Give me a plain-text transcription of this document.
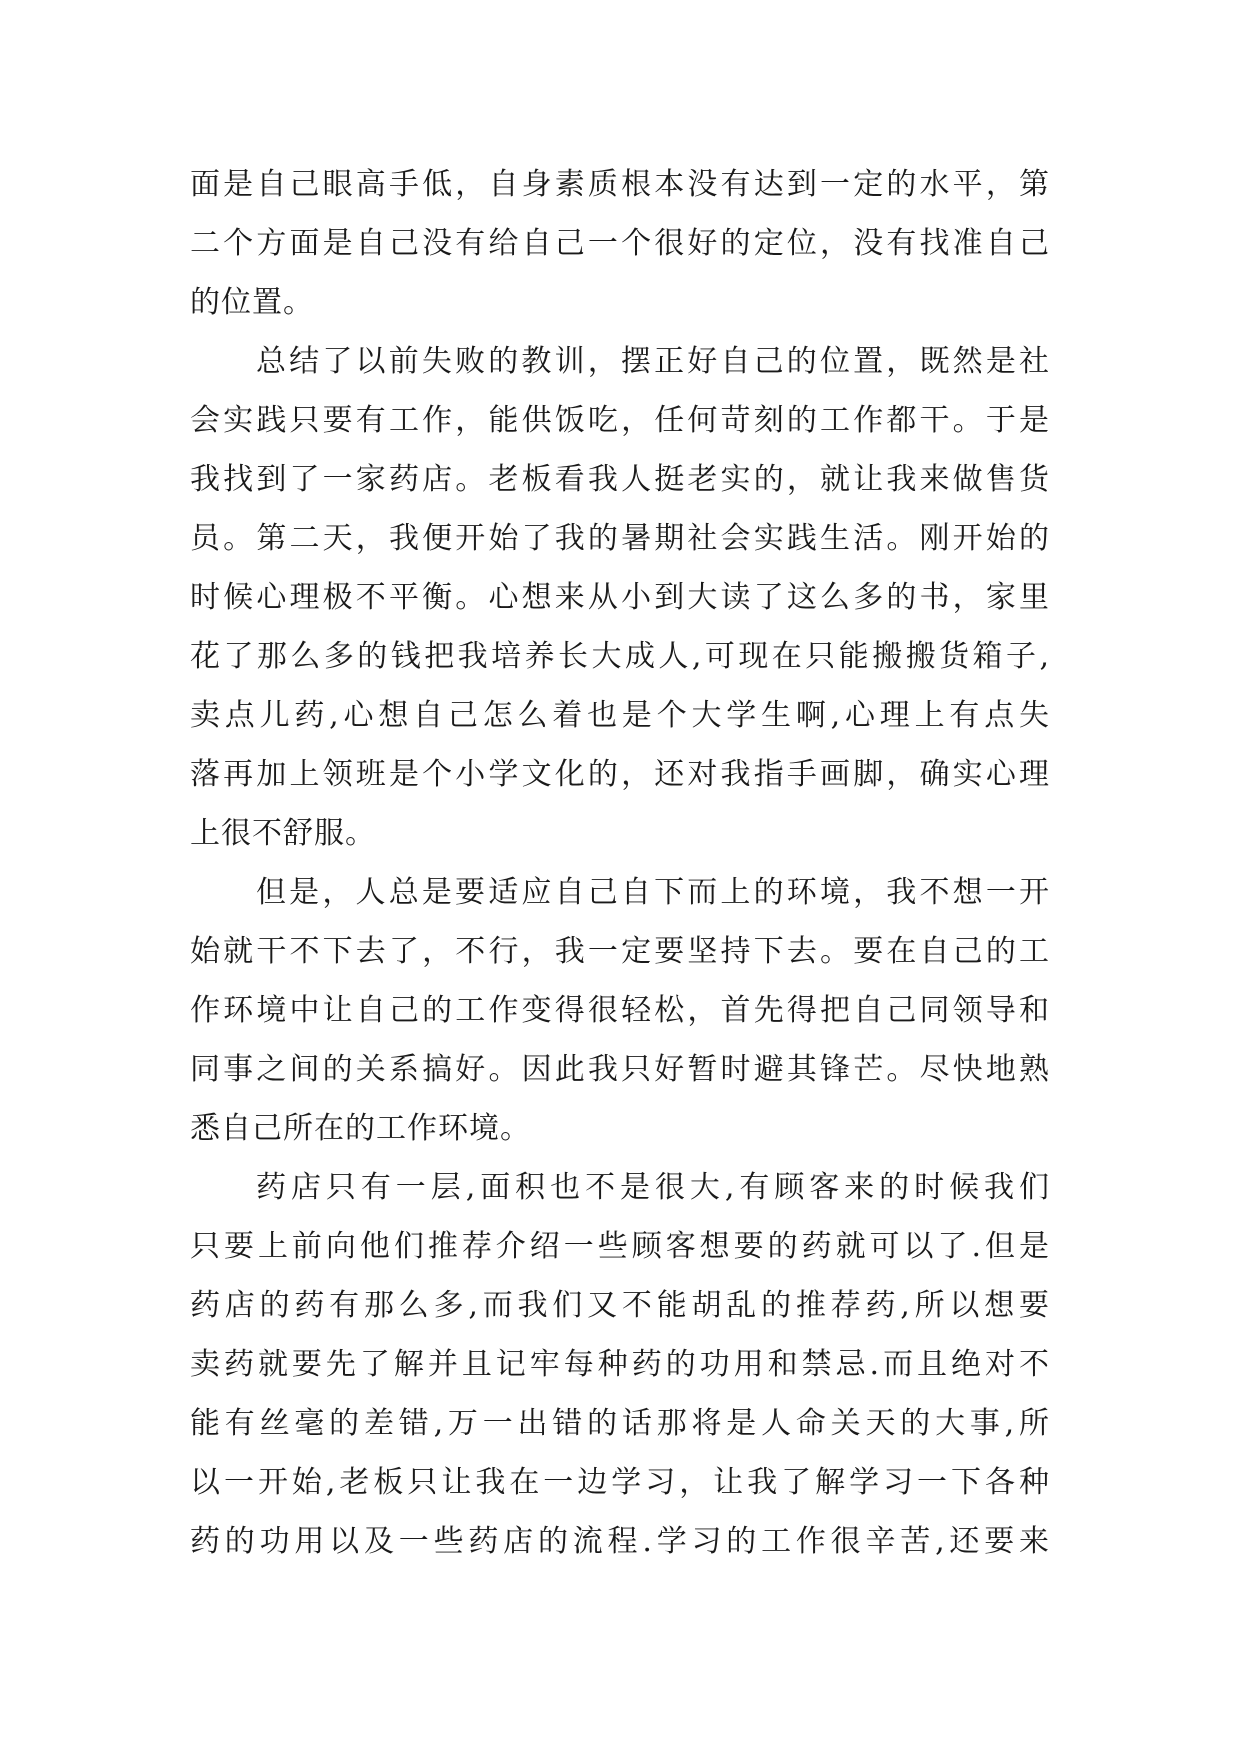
面是自己眼高手低，自身素质根本没有达到一定的水平，第
二个方面是自己没有给自己一个很好的定位，没有找准自己
的位置。
总结了以前失败的教训，摆正好自己的位置，既然是社
会实践只要有工作，能供饭吃，任何苛刻的工作都干。于是
我找到了一家药店。老板看我人挺老实的，就让我来做售货
员。第二天，我便开始了我的暑期社会实践生活。刚开始的
时候心理极不平衡。心想来从小到大读了这么多的书，家里
花了那么多的钱把我培养长大成人,可现在只能搬搬货箱子,
卖点儿药,心想自己怎么着也是个大学生啊,心理上有点失
落再加上领班是个小学文化的，还对我指手画脚，确实心理
上很不舒服。
但是，人总是要适应自己自下而上的环境，我不想一开
始就干不下去了，不行，我一定要坚持下去。要在自己的工
作环境中让自己的工作变得很轻松，首先得把自己同领导和
同事之间的关系搞好。因此我只好暂时避其锋芒。尽快地熟
悉自己所在的工作环境。
药店只有一层,面积也不是很大,有顾客来的时候我们
只要上前向他们推荐介绍一些顾客想要的药就可以了.但是
药店的药有那么多,而我们又不能胡乱的推荐药,所以想要
卖药就要先了解并且记牢每种药的功用和禁忌.而且绝对不
能有丝毫的差错,万一出错的话那将是人命关天的大事,所
以一开始,老板只让我在一边学习，让我了解学习一下各种
药的功用以及一些药店的流程.学习的工作很辛苦,还要来
